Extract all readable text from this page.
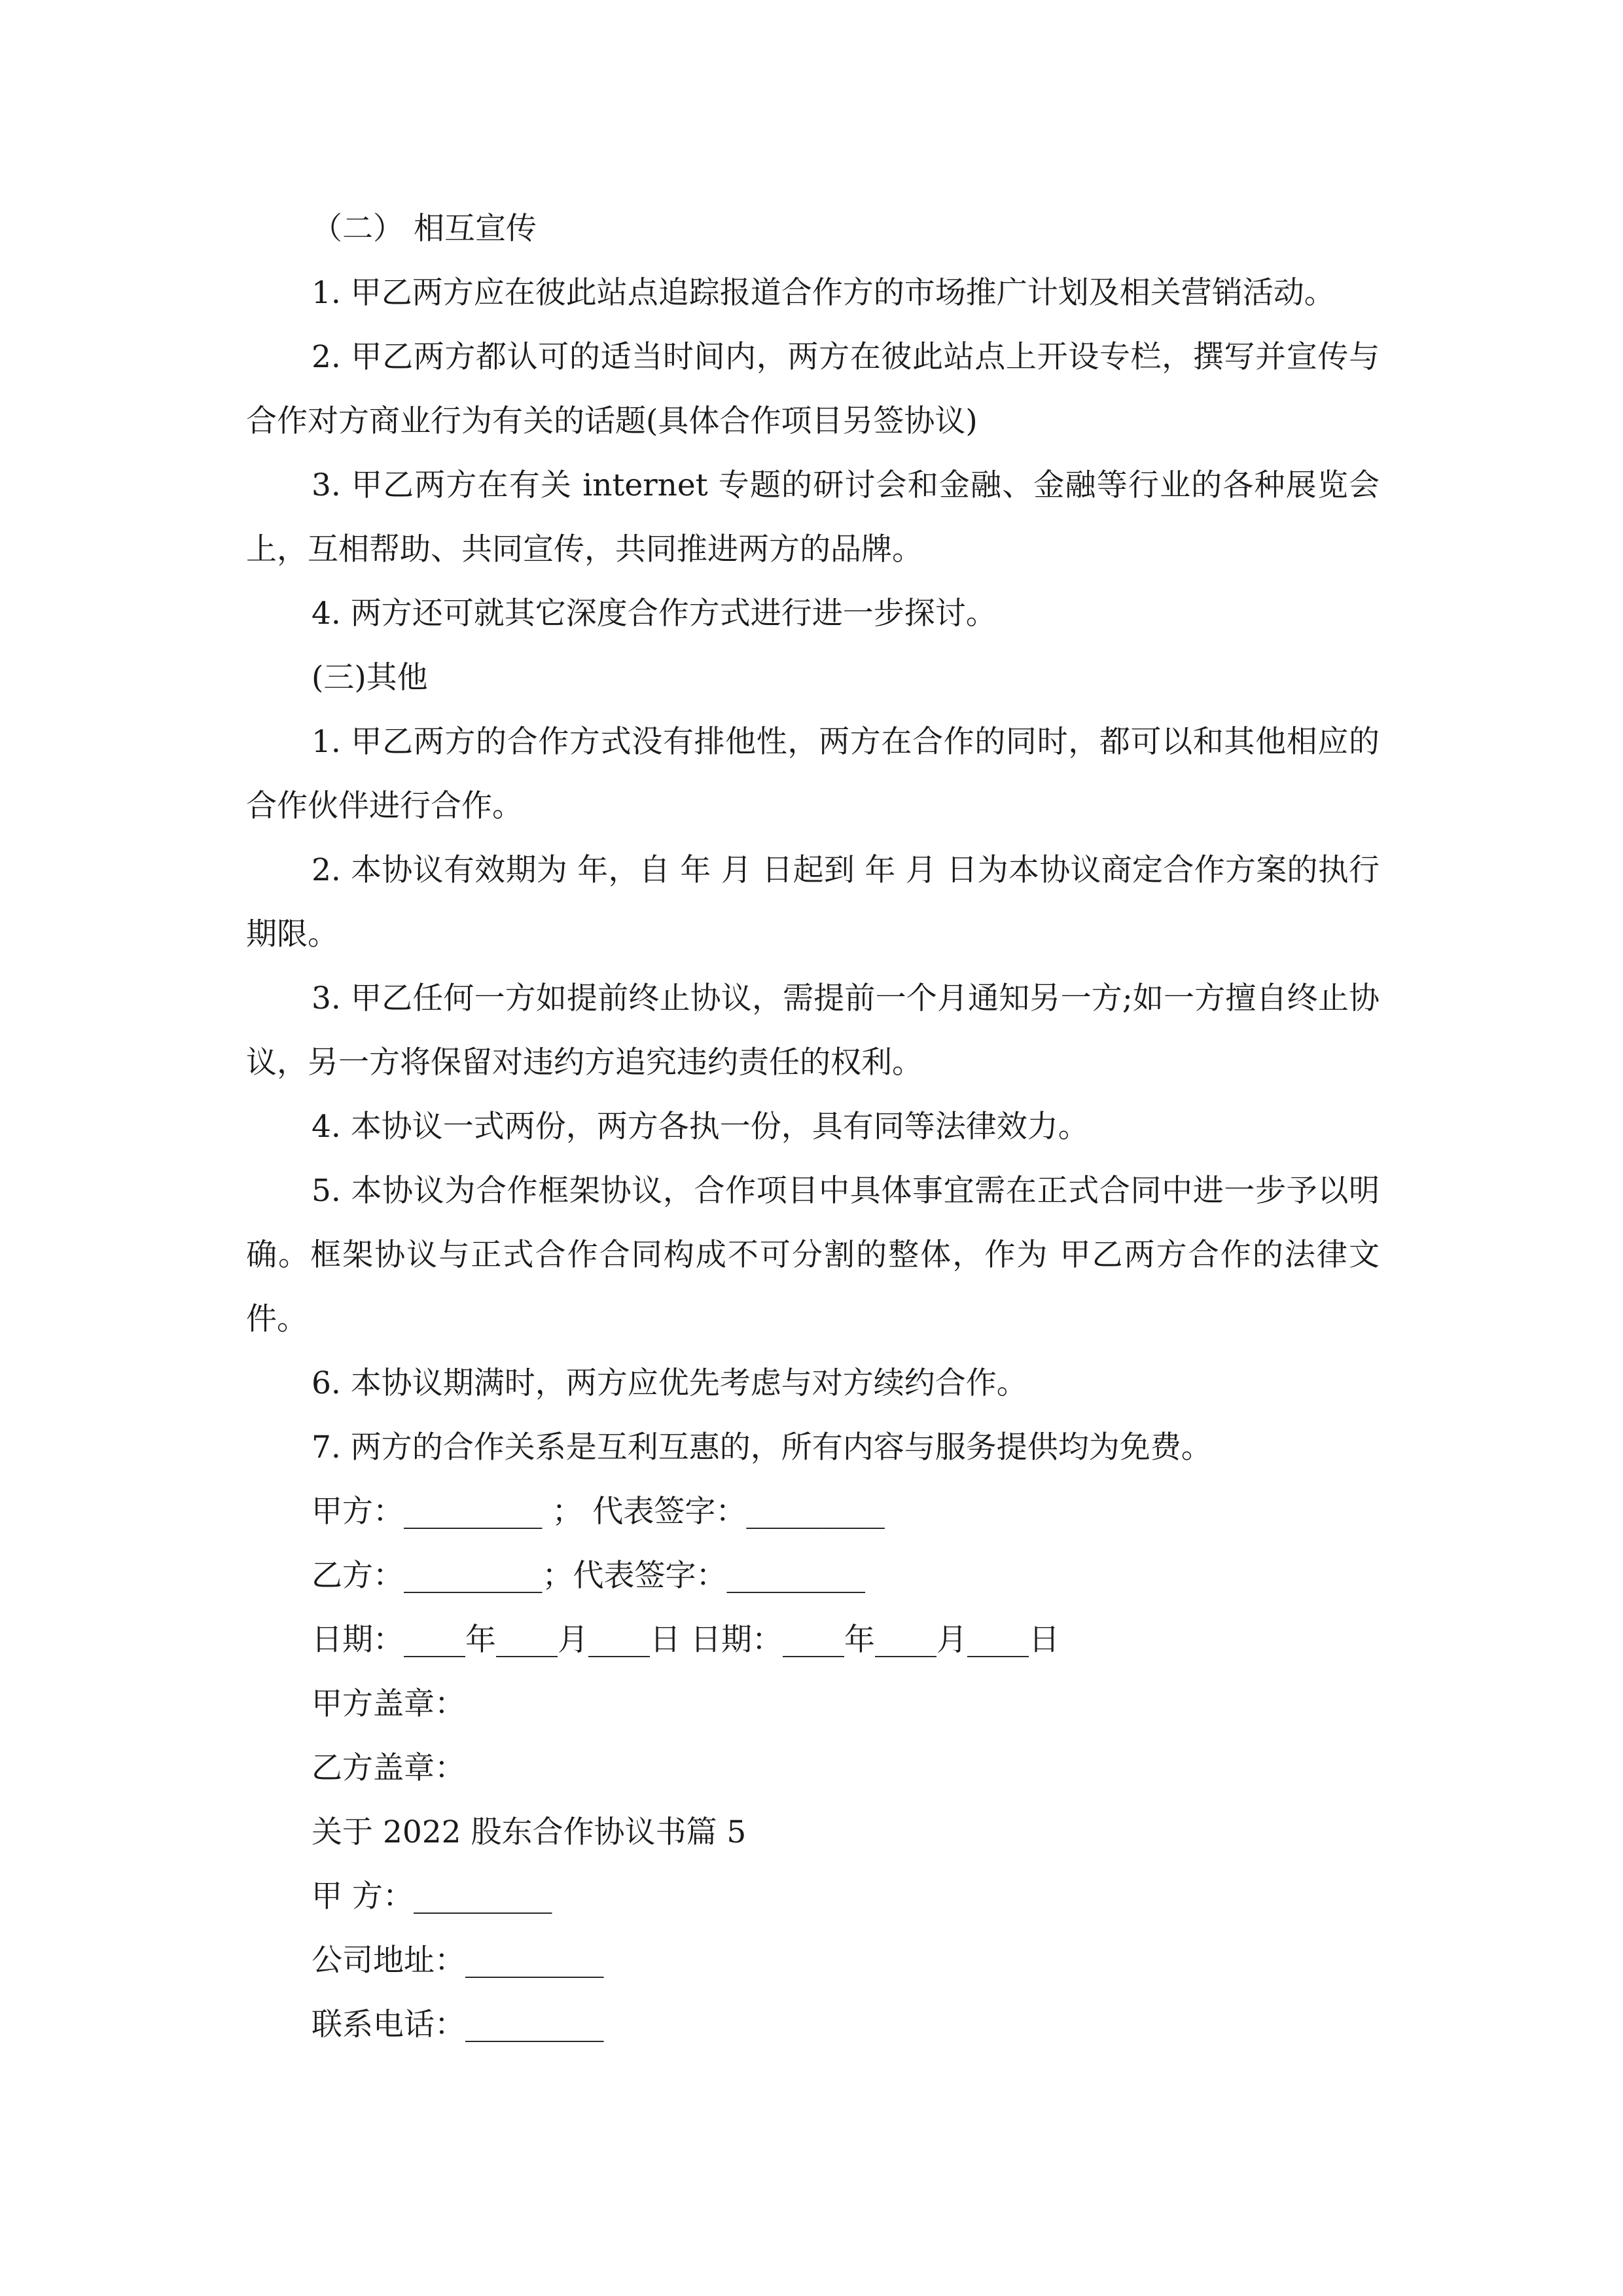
（二） 相互宣传

1. 甲乙两方应在彼此站点追踪报道合作方的市场推广计划及相关营销活动。

2. 甲乙两方都认可的适当时间内，两方在彼此站点上开设专栏，撰写并宣传与合作对方商业行为有关的话题(具体合作项目另签协议)

3. 甲乙两方在有关 internet 专题的研讨会和金融、金融等行业的各种展览会上，互相帮助、共同宣传，共同推进两方的品牌。

4. 两方还可就其它深度合作方式进行进一步探讨。

(三)其他

1. 甲乙两方的合作方式没有排他性，两方在合作的同时，都可以和其他相应的合作伙伴进行合作。

2. 本协议有效期为 年，自 年 月 日起到 年 月 日为本协议商定合作方案的执行期限。

3. 甲乙任何一方如提前终止协议，需提前一个月通知另一方;如一方擅自终止协议，另一方将保留对违约方追究违约责任的权利。

4. 本协议一式两份，两方各执一份，具有同等法律效力。

5. 本协议为合作框架协议，合作项目中具体事宜需在正式合同中进一步予以明确。框架协议与正式合作合同构成不可分割的整体，作为 甲乙两方合作的法律文件。

6. 本协议期满时，两方应优先考虑与对方续约合作。

7. 两方的合作关系是互利互惠的，所有内容与服务提供均为免费。

甲方：_________ ； 代表签字：_________

乙方：_________；代表签字：_________

日期：____年____月____日 日期：____年____月____日

甲方盖章：

乙方盖章：

关于 2022 股东合作协议书篇 5

甲 方：_________

公司地址：_________

联系电话：_________
